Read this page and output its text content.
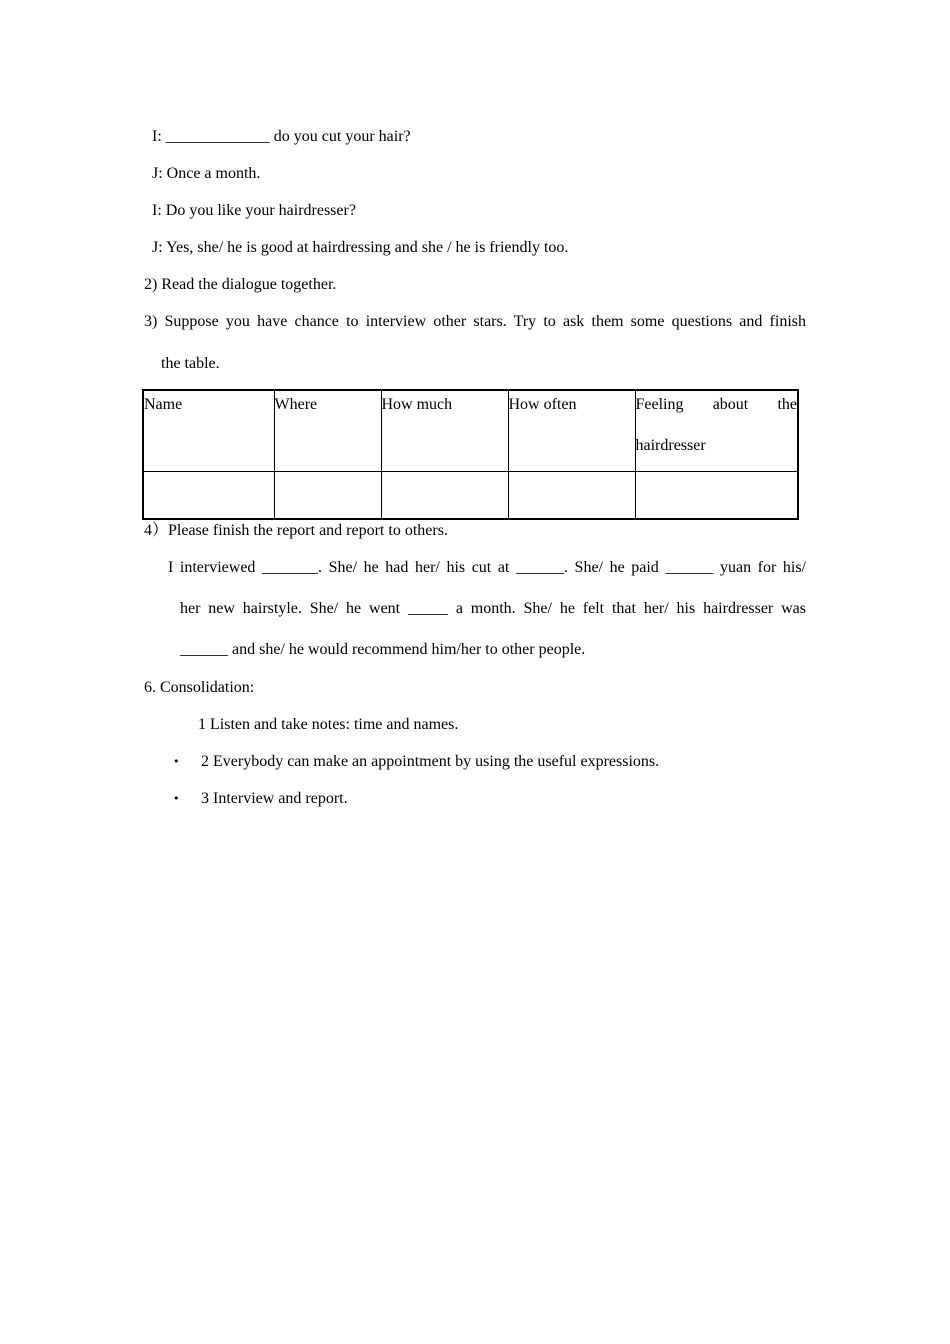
I: _____________ do you cut your hair?
J: Once a month.
I: Do you like your hairdresser?
J: Yes, she/ he is good at hairdressing and she / he is friendly too.
2) Read the dialogue together.
3) Suppose you have chance to interview other stars. Try to ask them some questions and finish
the table.
Name	Where	How much	How often	Feeling about the
hairdresser

4）Please finish the report and report to others.
I interviewed _______. She/ he had her/ his cut at ______. She/ he paid ______ yuan for his/
her new hairstyle. She/ he went _____ a month. She/ he felt that her/ his hairdresser was
______ and she/ he would recommend him/her to other people.
6. Consolidation:
1 Listen and take notes: time and names.
• 2 Everybody can make an appointment by using the useful expressions.
• 3 Interview and report.
